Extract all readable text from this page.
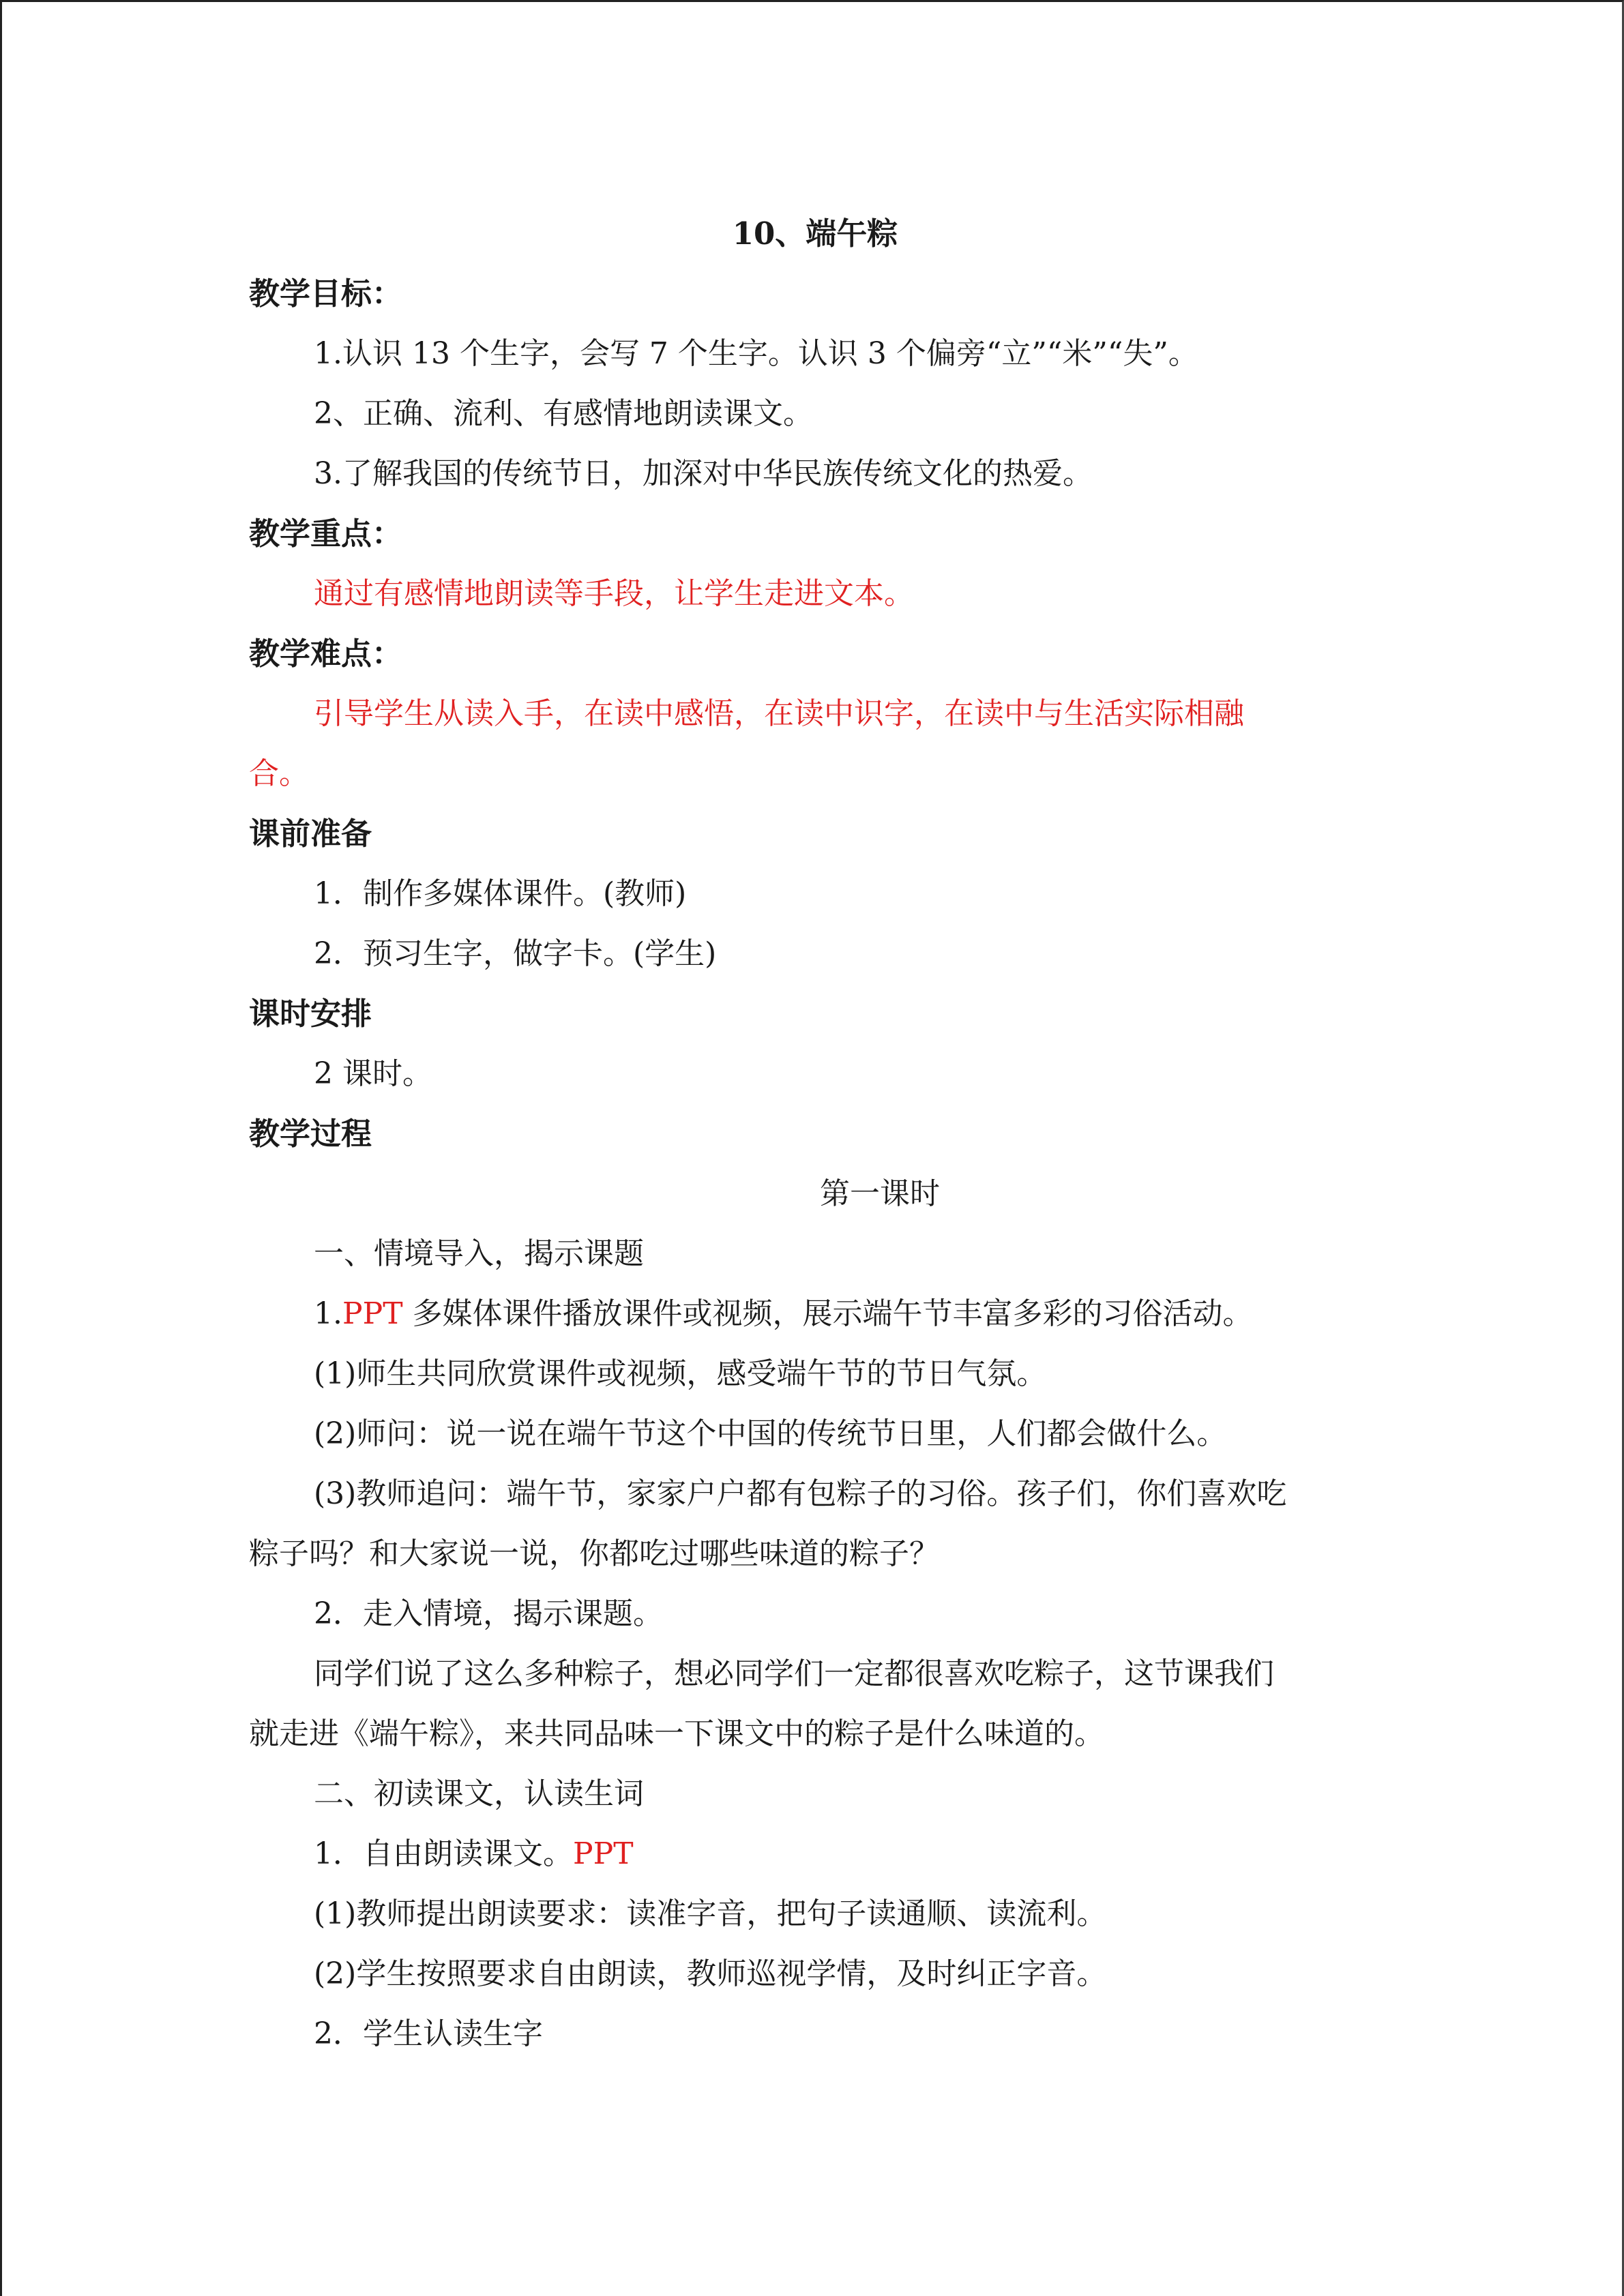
10、端午粽
教学目标：
1.认识 13 个生字，会写 7 个生字。认识 3 个偏旁“立”“米”“失”。
2、正确、流利、有感情地朗读课文。
3.了解我国的传统节日，加深对中华民族传统文化的热爱。
教学重点：
通过有感情地朗读等手段，让学生走进文本。
教学难点：
引导学生从读入手，在读中感悟，在读中识字，在读中与生活实际相融
合。
课前准备
1．制作多媒体课件。(教师)
2．预习生字，做字卡。(学生)
课时安排
2 课时。
教学过程
第一课时
一、情境导入，揭示课题
1.PPT 多媒体课件播放课件或视频，展示端午节丰富多彩的习俗活动。
(1)师生共同欣赏课件或视频，感受端午节的节日气氛。
(2)师问：说一说在端午节这个中国的传统节日里，人们都会做什么。
(3)教师追问：端午节，家家户户都有包粽子的习俗。孩子们，你们喜欢吃
粽子吗？和大家说一说，你都吃过哪些味道的粽子？
2．走入情境，揭示课题。
同学们说了这么多种粽子，想必同学们一定都很喜欢吃粽子，这节课我们
就走进《端午粽》，来共同品味一下课文中的粽子是什么味道的。
二、初读课文，认读生词
1．自由朗读课文。PPT
(1)教师提出朗读要求：读准字音，把句子读通顺、读流利。
(2)学生按照要求自由朗读，教师巡视学情，及时纠正字音。
2．学生认读生字
